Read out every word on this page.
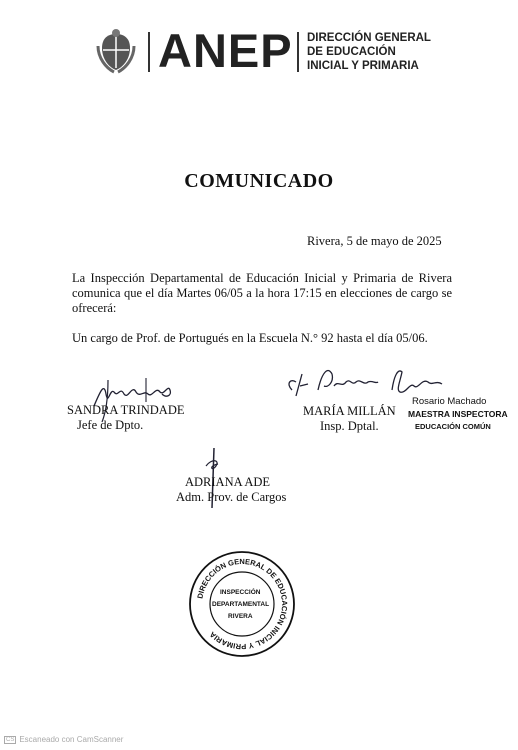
ANEP DIRECCIÓN GENERAL
DE EDUCACIÓN
INICIAL Y PRIMARIA
COMUNICADO
Rivera, 5 de mayo de 2025
La Inspección Departamental de Educación Inicial y Primaria de Rivera comunica que el día Martes 06/05 a la hora 17:15 en elecciones de cargo se ofrecerá:
Un cargo de Prof. de Portugués en la Escuela N.° 92 hasta el día 05/06.
SANDRA TRINDADE
Jefe de Dpto.
MARÍA MILLÁN
Insp. Dptal.
Rosario Machado
MAESTRA INSPECTORA
EDUCACIÓN COMÚN
ADRIANA ADE
Adm. Prov. de Cargos
DIRECCIÓN GENERAL DE EDUCACIÓN INICIAL Y PRIMARIA
INSPECCIÓN
DEPARTAMENTAL
RIVERA
CS Escaneado con CamScanner
